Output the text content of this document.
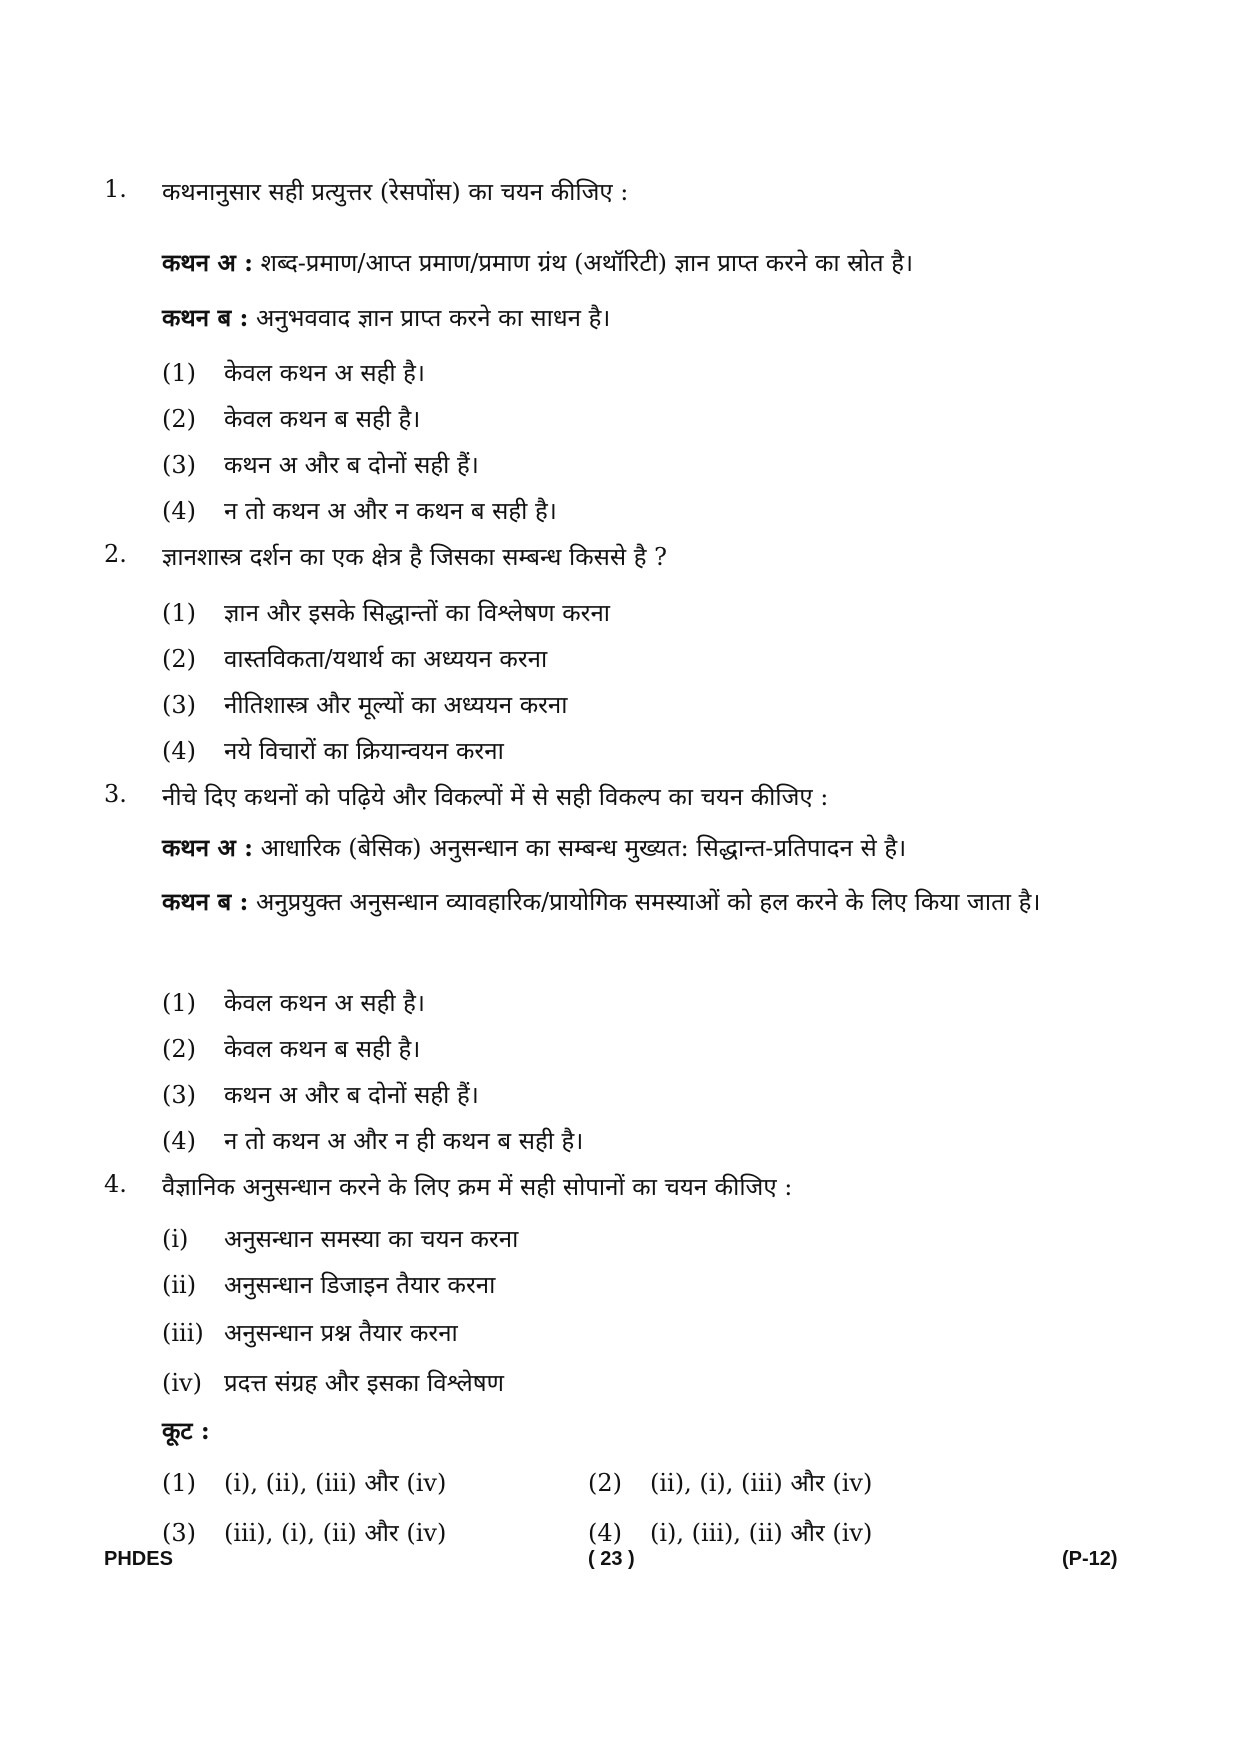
1. कथनानुसार सही प्रत्युत्तर (रेसपोंस) का चयन कीजिए :
कथन अ : शब्द-प्रमाण/आप्त प्रमाण/प्रमाण ग्रंथ (अथॉरिटी) ज्ञान प्राप्त करने का स्रोत है।
कथन ब : अनुभववाद ज्ञान प्राप्त करने का साधन है।
(1) केवल कथन अ सही है।
(2) केवल कथन ब सही है।
(3) कथन अ और ब दोनों सही हैं।
(4) न तो कथन अ और न कथन ब सही है।
2. ज्ञानशास्त्र दर्शन का एक क्षेत्र है जिसका सम्बन्ध किससे है ?
(1) ज्ञान और इसके सिद्धान्तों का विश्लेषण करना
(2) वास्तविकता/यथार्थ का अध्ययन करना
(3) नीतिशास्त्र और मूल्यों का अध्ययन करना
(4) नये विचारों का क्रियान्वयन करना
3. नीचे दिए कथनों को पढ़िये और विकल्पों में से सही विकल्प का चयन कीजिए :
कथन अ : आधारिक (बेसिक) अनुसन्धान का सम्बन्ध मुख्यत: सिद्धान्त-प्रतिपादन से है।
कथन ब : अनुप्रयुक्त अनुसन्धान व्यावहारिक/प्रायोगिक समस्याओं को हल करने के लिए किया जाता है।
(1) केवल कथन अ सही है।
(2) केवल कथन ब सही है।
(3) कथन अ और ब दोनों सही हैं।
(4) न तो कथन अ और न ही कथन ब सही है।
4. वैज्ञानिक अनुसन्धान करने के लिए क्रम में सही सोपानों का चयन कीजिए :
(i) अनुसन्धान समस्या का चयन करना
(ii) अनुसन्धान डिजाइन तैयार करना
(iii) अनुसन्धान प्रश्न तैयार करना
(iv) प्रदत्त संग्रह और इसका विश्लेषण
कूट :
(1) (i), (ii), (iii) और (iv)	(2) (ii), (i), (iii) और (iv)
(3) (iii), (i), (ii) और (iv)	(4) (i), (iii), (ii) और (iv)
PHDES	( 23 )	(P-12)
